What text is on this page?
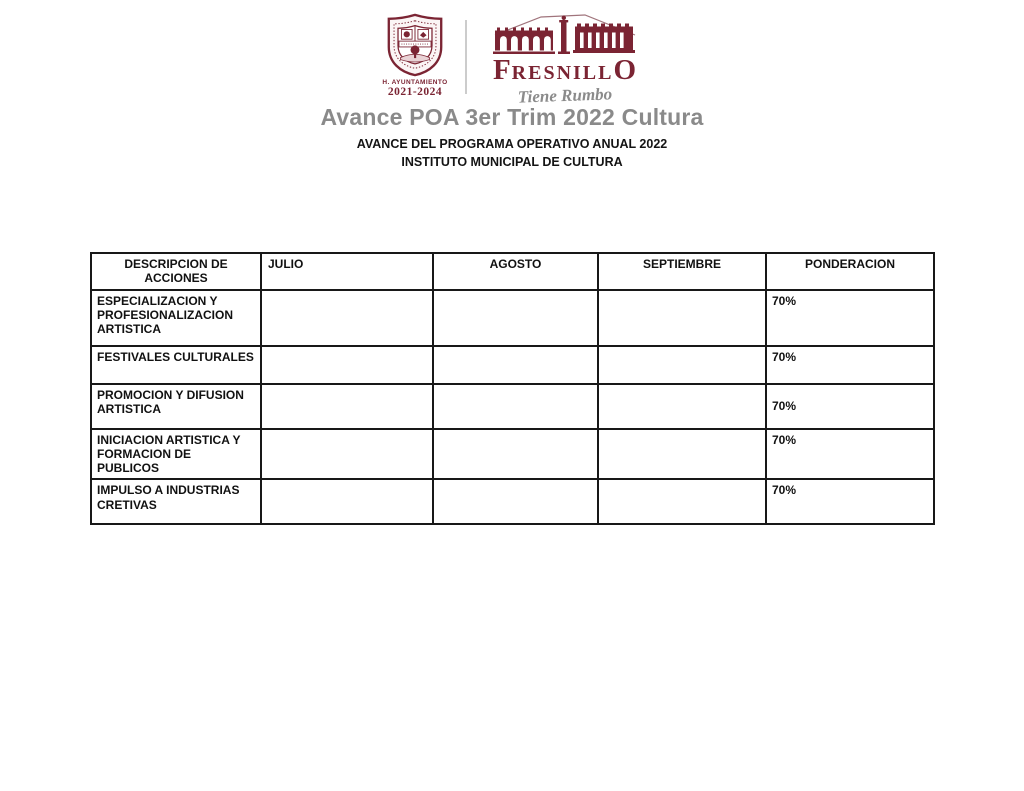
H. AYUNTAMIENTO
2021-2024
F RESNILL O
Tiene Rumbo
Avance POA 3er Trim 2022 Cultura
AVANCE DEL PROGRAMA OPERATIVO ANUAL 2022
INSTITUTO MUNICIPAL DE CULTURA
DESCRIPCION DE ACCIONES	JULIO	AGOSTO	SEPTIEMBRE	PONDERACION
ESPECIALIZACION Y PROFESIONALIZACION ARTISTICA				70%
FESTIVALES CULTURALES				70%
PROMOCION Y DIFUSION ARTISTICA				70%
INICIACION ARTISTICA Y FORMACION DE PUBLICOS				70%
IMPULSO A INDUSTRIAS CRETIVAS				70%
